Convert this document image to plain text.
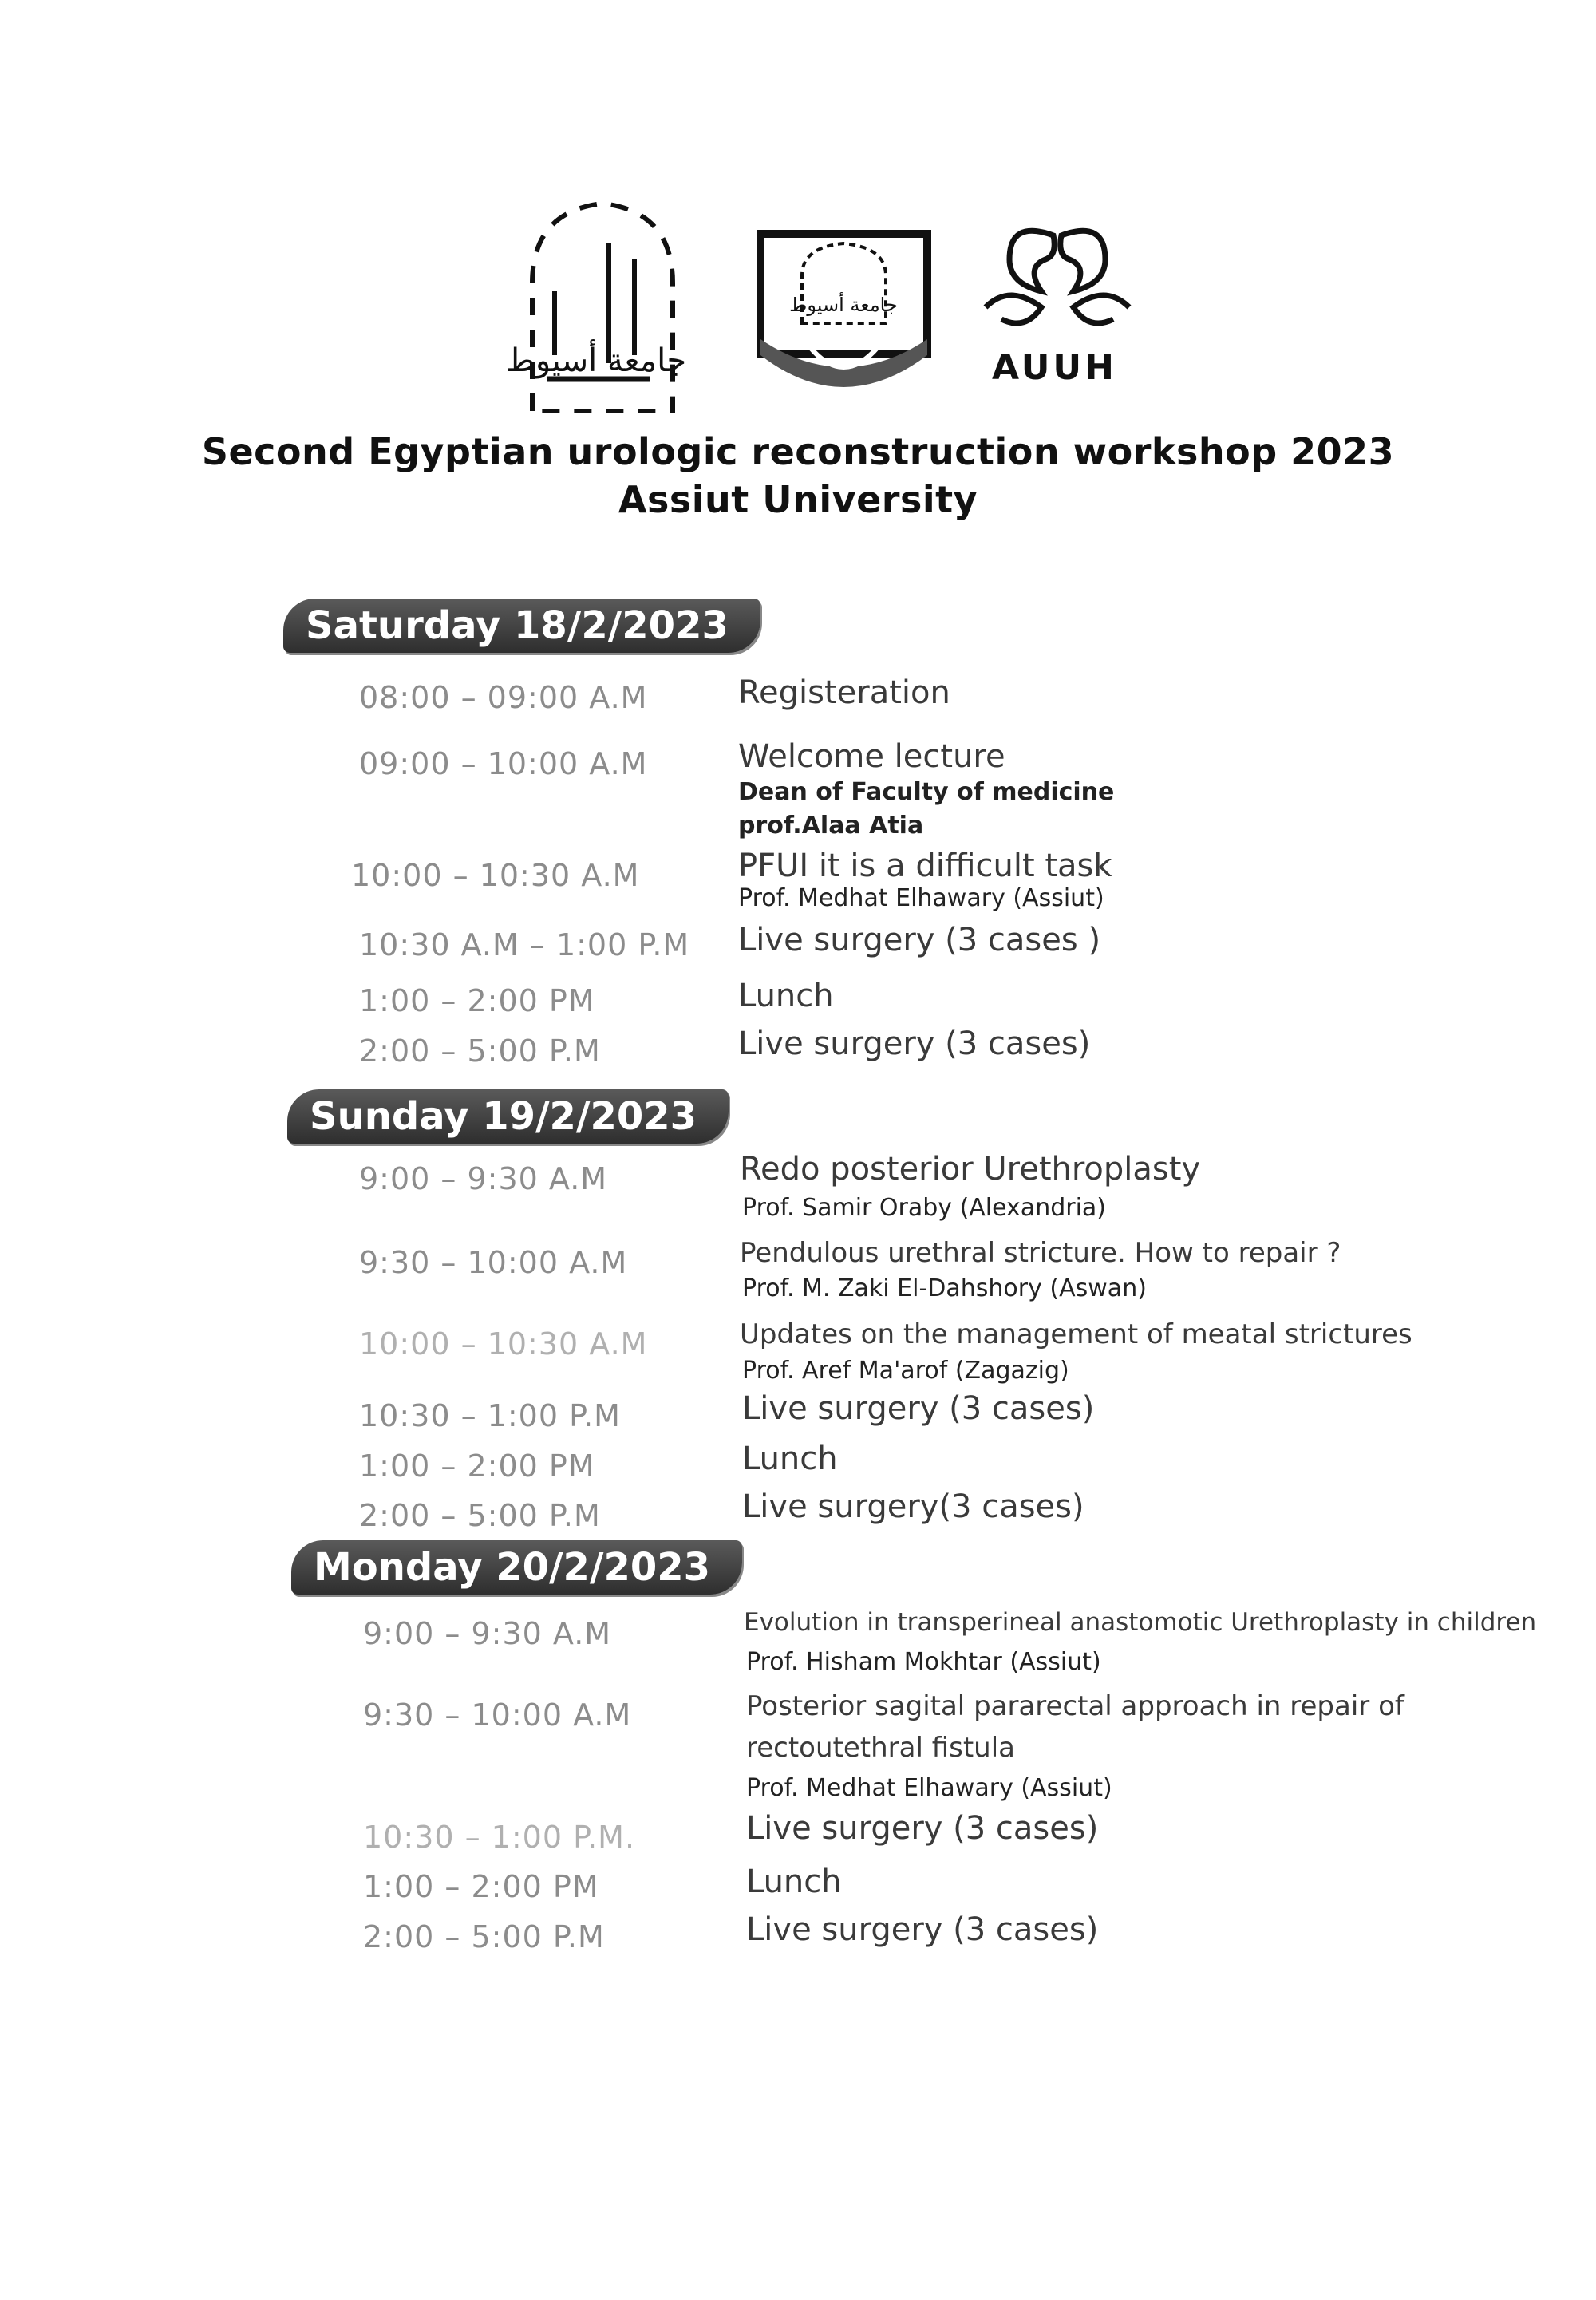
جامعة أسيوط
جامعة أسيوط
AUUH
Second Egyptian urologic reconstruction workshop 2023
Assiut University
Saturday 18/2/2023
08:00 – 09:00 A.M	Registeration
09:00 – 10:00 A.M	Welcome lecture
Dean of Faculty of medicine
prof.Alaa Atia
10:00 – 10:30 A.M	PFUI it is a difficult task
Prof. Medhat Elhawary (Assiut)
10:30 A.M – 1:00 P.M Live surgery (3 cases )
1:00 – 2:00 PM	Lunch
2:00 – 5:00 P.M	Live surgery (3 cases)
Sunday 19/2/2023
9:00 – 9:30 A.M	Redo posterior Urethroplasty
Prof. Samir Oraby (Alexandria)
9:30 – 10:00 A.M	Pendulous urethral stricture. How to repair ?
Prof. M. Zaki El-Dahshory (Aswan)
10:00 – 10:30 A.M	Updates on the management of meatal strictures
Prof. Aref Ma'arof (Zagazig)
10:30 – 1:00 P.M	Live surgery (3 cases)
1:00 – 2:00 PM	Lunch
2:00 – 5:00 P.M	Live surgery(3 cases)
Monday 20/2/2023
9:00 – 9:30 A.M	Evolution in transperineal anastomotic Urethroplasty in children
Prof. Hisham Mokhtar (Assiut)
9:30 – 10:00 A.M	Posterior sagital pararectal approach in repair of
rectoutethral fistula
Prof. Medhat Elhawary (Assiut)
10:30 – 1:00 P.M.	Live surgery (3 cases)
1:00 – 2:00 PM	Lunch
2:00 – 5:00 P.M	Live surgery (3 cases)
